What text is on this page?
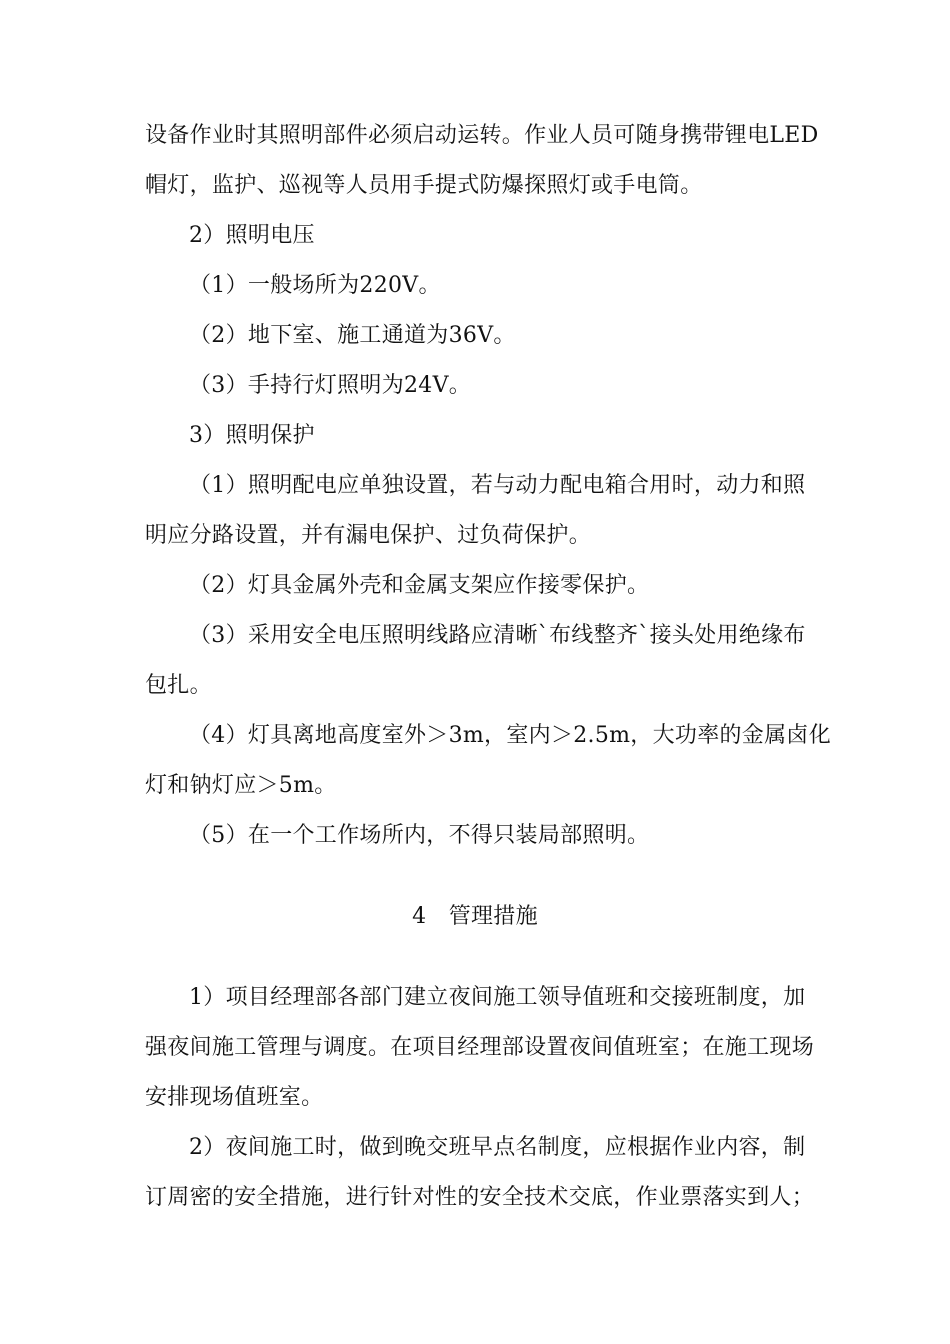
设备作业时其照明部件必须启动运转。作业人员可随身携带锂电LED
帽灯，监护、巡视等人员用手提式防爆探照灯或手电筒。
2）照明电压
（1）一般场所为220V。
（2）地下室、施工通道为36V。
（3）手持行灯照明为24V。
3）照明保护
（1）照明配电应单独设置，若与动力配电箱合用时，动力和照
明应分路设置，并有漏电保护、过负荷保护。
（2）灯具金属外壳和金属支架应作接零保护。
（3）采用安全电压照明线路应清晰`布线整齐`接头处用绝缘布
包扎。
（4）灯具离地高度室外＞3m，室内＞2.5m，大功率的金属卤化
灯和钠灯应＞5m。
（5）在一个工作场所内，不得只装局部照明。
4　管理措施
1）项目经理部各部门建立夜间施工领导值班和交接班制度，加
强夜间施工管理与调度。在项目经理部设置夜间值班室；在施工现场
安排现场值班室。
2）夜间施工时，做到晚交班早点名制度，应根据作业内容，制
订周密的安全措施，进行针对性的安全技术交底，作业票落实到人；
